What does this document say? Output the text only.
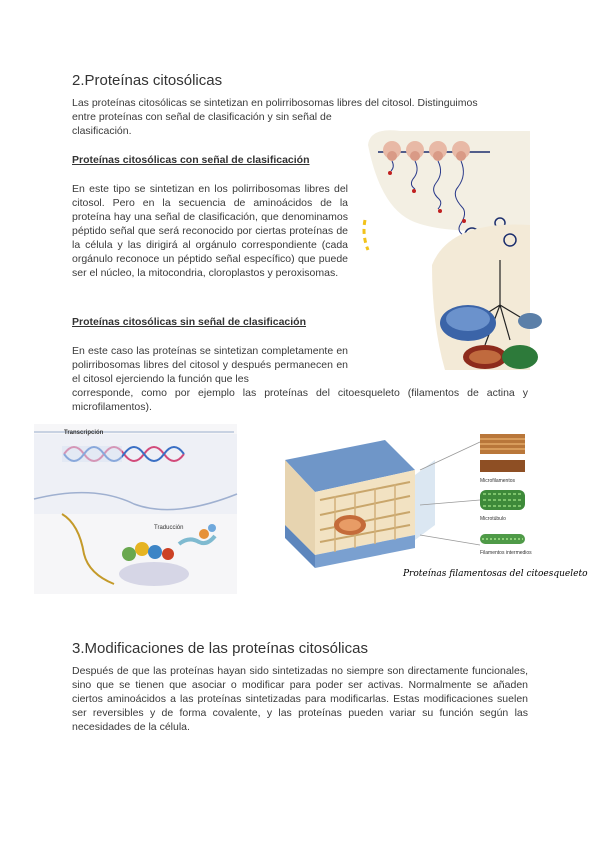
2.Proteínas citosólicas

Las proteínas citosólicas se sintetizan en polirribosomas libres del citosol. Distinguimos

entre proteínas con señal de clasificación y sin señal de

clasificación.

Proteínas citosólicas con señal de clasificación

En este tipo se sintetizan en los polirribosomas libres del citosol. Pero en la secuencia de aminoácidos de la proteína hay una señal de clasificación, que denominamos péptido señal que será reconocido por ciertas proteínas de la célula y las dirigirá al orgánulo correspondiente (cada orgánulo reconoce un péptido señal específico) que puede ser el núcleo, la mitocondria, cloroplastos y peroxisomas.

Proteínas citosólicas sin señal de clasificación

En este caso las proteínas se sintetizan completamente en polirribosomas libres del citosol y después permanecen en el citosol ejerciendo la función que les

corresponde, como por ejemplo las proteínas del citoesqueleto (filamentos de actina y microfilamentos).

Transcripción
Traducción
Microfilamentos
Microtúbulo
Filamentos intermedios
Proteínas filamentosas del citoesqueleto
3.Modificaciones de las proteínas citosólicas

Después de que las proteínas hayan sido sintetizadas no siempre son directamente funcionales, sino que se tienen que asociar o modificar para poder ser activas. Normalmente se añaden ciertos aminoácidos a las proteínas sintetizadas para modificarlas. Estas modificaciones suelen ser reversibles y de forma covalente, y las proteínas pueden variar su función según las necesidades de la célula.
